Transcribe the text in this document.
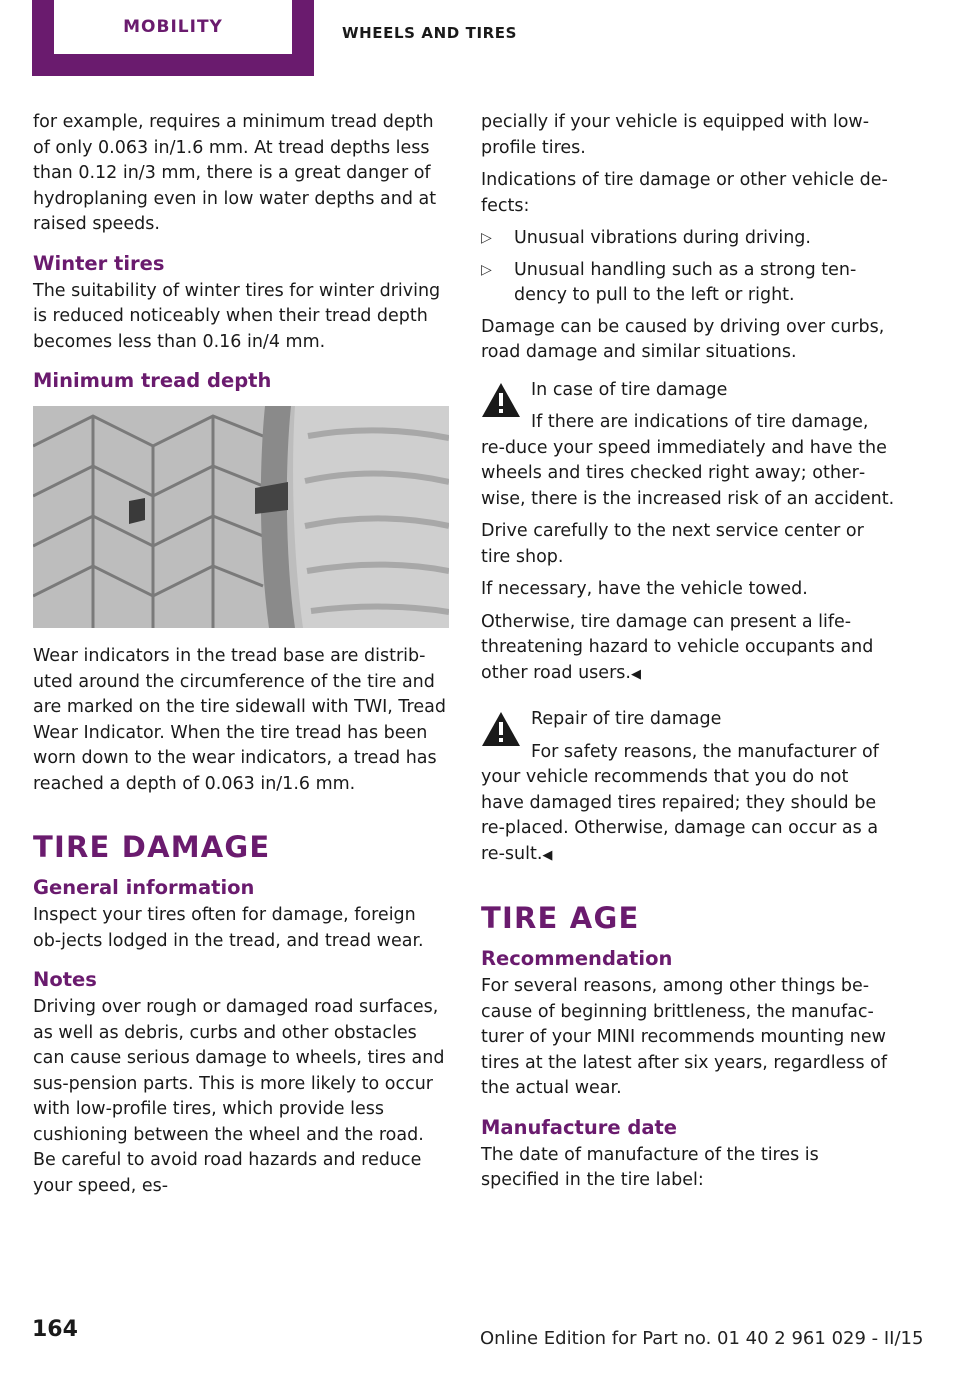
MOBILITY	WHEELS AND TIRES

for example, requires a minimum tread depth of only 0.063 in/1.6 mm. At tread depths less than 0.12 in/3 mm, there is a great danger of hydroplaning even in low water depths and at raised speeds.

Winter tires

The suitability of winter tires for winter driving is reduced noticeably when their tread depth becomes less than 0.16 in/4 mm.

Minimum tread depth

Wear indicators in the tread base are distrib‐uted around the circumference of the tire and are marked on the tire sidewall with TWI, Tread Wear Indicator. When the tire tread has been worn down to the wear indicators, a tread has reached a depth of 0.063 in/1.6 mm.

TIRE DAMAGE
General information

Inspect your tires often for damage, foreign ob‐jects lodged in the tread, and tread wear.

Notes

Driving over rough or damaged road surfaces, as well as debris, curbs and other obstacles can cause serious damage to wheels, tires and sus‐pension parts. This is more likely to occur with low-profile tires, which provide less cushioning between the wheel and the road. Be careful to avoid road hazards and reduce your speed, es‐

pecially if your vehicle is equipped with low-profile tires.

Indications of tire damage or other vehicle de‐fects:

▷ Unusual vibrations during driving.
▷ Unusual handling such as a strong ten‐dency to pull to the left or right.

Damage can be caused by driving over curbs, road damage and similar situations.

In case of tire damage

If there are indications of tire damage, re‐duce your speed immediately and have the wheels and tires checked right away; other‐wise, there is the increased risk of an accident.

Drive carefully to the next service center or tire shop.

If necessary, have the vehicle towed.

Otherwise, tire damage can present a life-threatening hazard to vehicle occupants and other road users.◀

Repair of tire damage

For safety reasons, the manufacturer of your vehicle recommends that you do not have damaged tires repaired; they should be re‐placed. Otherwise, damage can occur as a re‐sult.◀

TIRE AGE
Recommendation

For several reasons, among other things be‐cause of beginning brittleness, the manufac‐turer of your MINI recommends mounting new tires at the latest after six years, regardless of the actual wear.

Manufacture date

The date of manufacture of the tires is specified in the tire label:

164	Online Edition for Part no. 01 40 2 961 029 - II/15
